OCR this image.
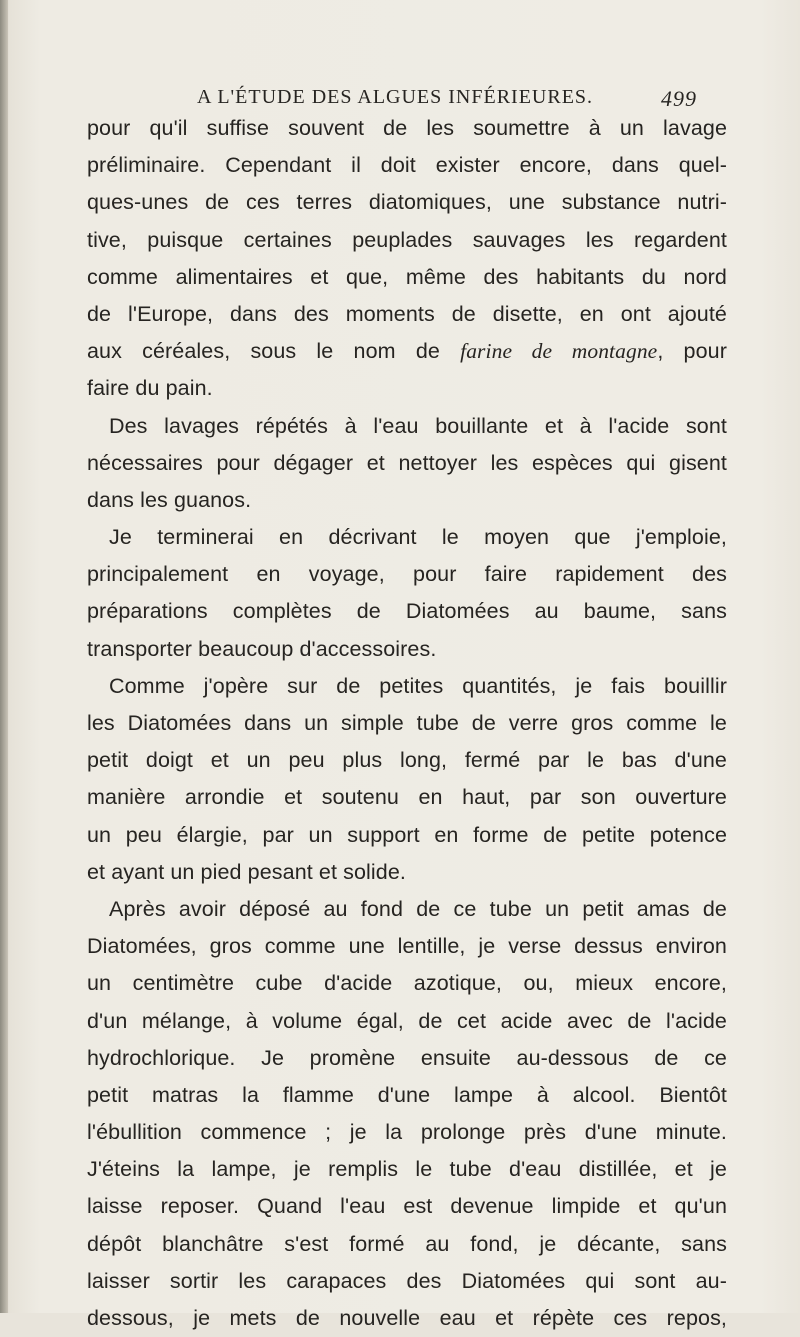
A L'ÉTUDE DES ALGUES INFÉRIEURES.	499
pour qu'il suffise souvent de les soumettre à un lavage
préliminaire. Cependant il doit exister encore, dans quel-
ques-unes de ces terres diatomiques, une substance nutri-
tive, puisque certaines peuplades sauvages les regardent
comme alimentaires et que, même des habitants du nord
de l'Europe, dans des moments de disette, en ont ajouté
aux céréales, sous le nom de farine de montagne, pour
faire du pain.
Des lavages répétés à l'eau bouillante et à l'acide sont
nécessaires pour dégager et nettoyer les espèces qui gisent
dans les guanos.
Je terminerai en décrivant le moyen que j'emploie,
principalement en voyage, pour faire rapidement des
préparations complètes de Diatomées au baume, sans
transporter beaucoup d'accessoires.
Comme j'opère sur de petites quantités, je fais bouillir
les Diatomées dans un simple tube de verre gros comme le
petit doigt et un peu plus long, fermé par le bas d'une
manière arrondie et soutenu en haut, par son ouverture
un peu élargie, par un support en forme de petite potence
et ayant un pied pesant et solide.
Après avoir déposé au fond de ce tube un petit amas de
Diatomées, gros comme une lentille, je verse dessus environ
un centimètre cube d'acide azotique, ou, mieux encore,
d'un mélange, à volume égal, de cet acide avec de l'acide
hydrochlorique. Je promène ensuite au-dessous de ce
petit matras la flamme d'une lampe à alcool. Bientôt
l'ébullition commence ; je la prolonge près d'une minute.
J'éteins la lampe, je remplis le tube d'eau distillée, et je
laisse reposer. Quand l'eau est devenue limpide et qu'un
dépôt blanchâtre s'est formé au fond, je décante, sans
laisser sortir les carapaces des Diatomées qui sont au-
dessous, je mets de nouvelle eau et répète ces repos,
